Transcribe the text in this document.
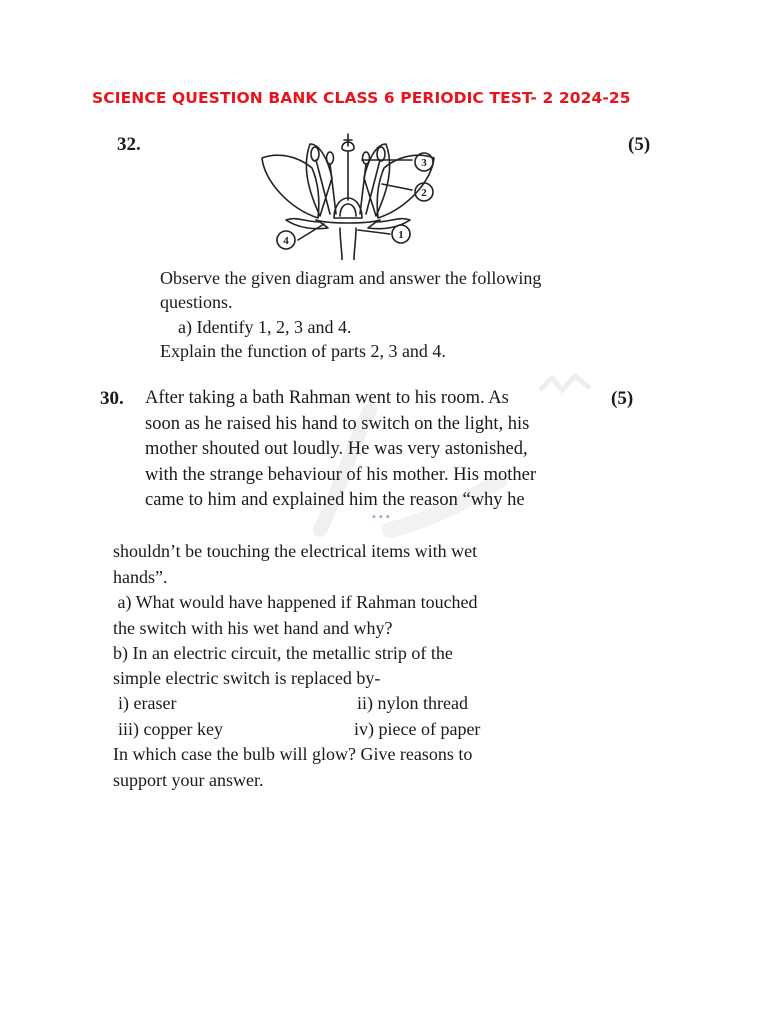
SCIENCE QUESTION BANK CLASS 6 PERIODIC TEST- 2 2024-25
32.	(5)
1
2
3
4
Observe the given diagram and answer the following
questions.
a) Identify 1, 2, 3 and 4.
Explain the function of parts 2, 3 and 4.
30.	(5)
After taking a bath Rahman went to his room. As
soon as he raised his hand to switch on the light, his
mother shouted out loudly. He was very astonished,
with the strange behaviour of his mother. His mother
came to him and explained him the reason “why he
•••
shouldn’t be touching the electrical items with wet
hands”.
a) What would have happened if Rahman touched
the switch with his wet hand and why?
b) In an electric circuit, the metallic strip of the
simple electric switch is replaced by-
i) eraser	ii) nylon thread
iii) copper key	iv) piece of paper
In which case the bulb will glow? Give reasons to
support your answer.
